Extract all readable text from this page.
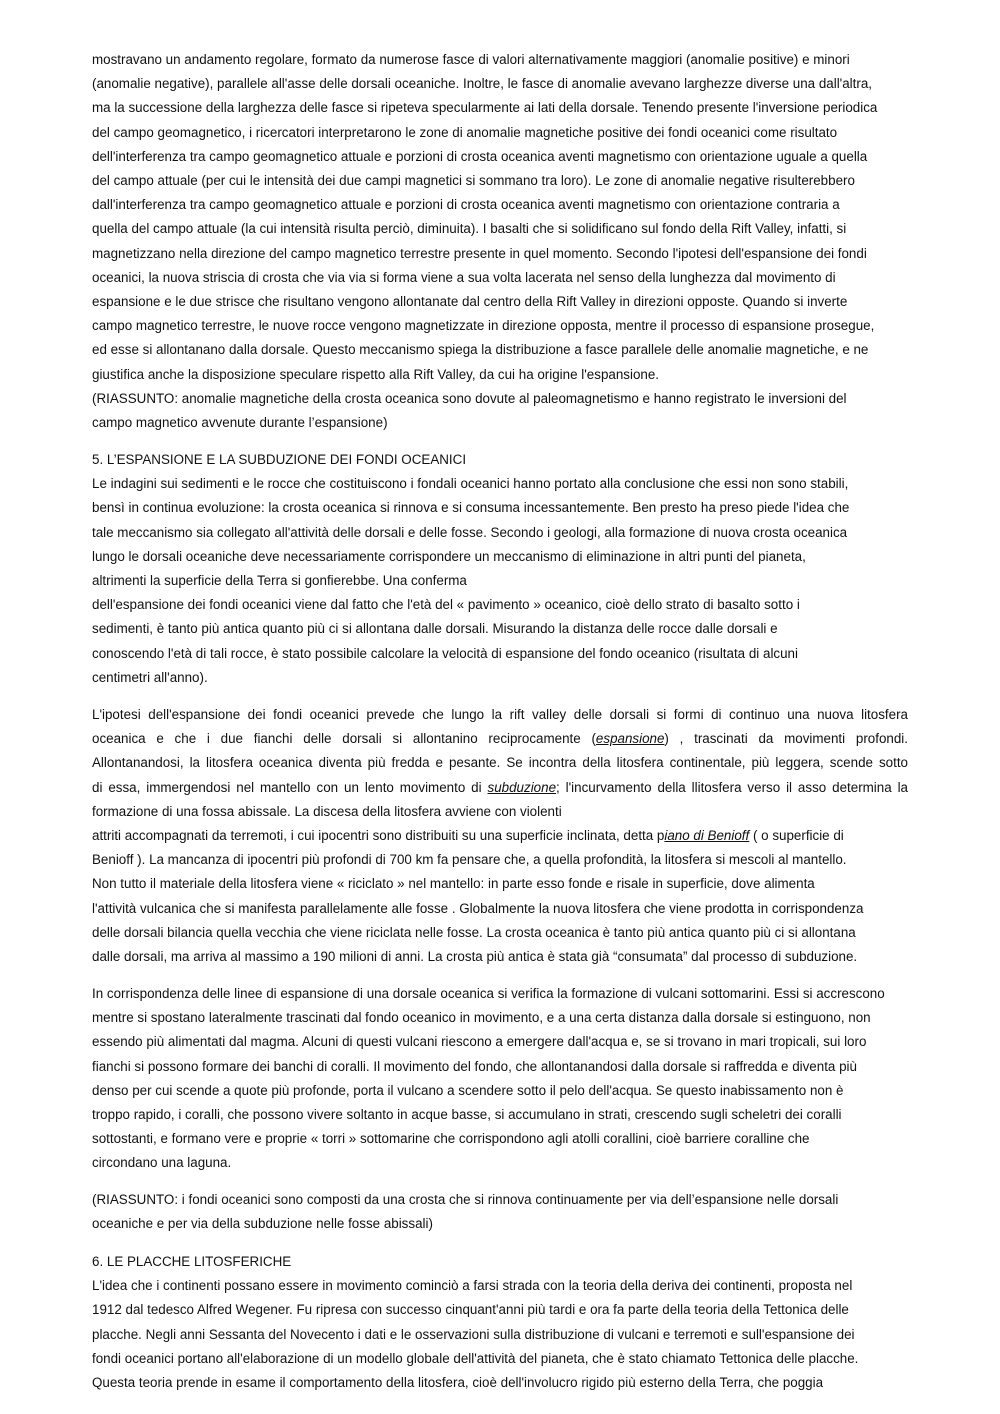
mostravano un andamento regolare, formato da numerose fasce di valori alternativamente maggiori (anomalie positive) e minori
(anomalie negative), parallele all'asse delle dorsali oceaniche. Inoltre, le fasce di anomalie avevano larghezze diverse una dall'altra,
ma la successione della larghezza delle fasce si ripeteva specularmente ai lati della dorsale. Tenendo presente l'inversione periodica
del campo geomagnetico, i ricercatori interpretarono le zone di anomalie magnetiche positive dei fondi oceanici come risultato
dell'interferenza tra campo geomagnetico attuale e porzioni di crosta oceanica aventi magnetismo con orientazione uguale a quella
del campo attuale (per cui le intensità dei due campi magnetici si sommano tra loro). Le zone di anomalie negative risulterebbero
dall'interferenza tra campo geomagnetico attuale e porzioni di crosta oceanica aventi magnetismo con orientazione contraria a
quella del campo attuale (la cui intensità risulta perciò, diminuita). I basalti che si solidificano sul fondo della Rift Valley, infatti, si
magnetizzano nella direzione del campo magnetico terrestre presente in quel momento. Secondo l'ipotesi dell'espansione dei fondi
oceanici, la nuova striscia di crosta che via via si forma viene a sua volta lacerata nel senso della lunghezza dal movimento di
espansione e le due strisce che risultano vengono allontanate dal centro della Rift Valley in direzioni opposte. Quando si inverte
campo magnetico terrestre, le nuove rocce vengono magnetizzate in direzione opposta, mentre il processo di espansione prosegue,
ed esse si allontanano dalla dorsale. Questo meccanismo spiega la distribuzione a fasce parallele delle anomalie magnetiche, e ne
giustifica anche la disposizione speculare rispetto alla Rift Valley, da cui ha origine l'espansione.
(RIASSUNTO: anomalie magnetiche della crosta oceanica sono dovute al paleomagnetismo e hanno registrato le inversioni del
campo magnetico avvenute durante l’espansione)
5. L’ESPANSIONE E LA SUBDUZIONE DEI FONDI OCEANICI
Le indagini sui sedimenti e le rocce che costituiscono i fondali oceanici hanno portato alla conclusione che essi non sono stabili,
bensì in continua evoluzione: la crosta oceanica si rinnova e si consuma incessantemente. Ben presto ha preso piede l'idea che
tale meccanismo sia collegato all'attività delle dorsali e delle fosse. Secondo i geologi, alla formazione di nuova crosta oceanica
lungo le dorsali oceaniche deve necessariamente corrispondere un meccanismo di eliminazione in altri punti del pianeta,
altrimenti la superficie della Terra si gonfierebbe. Una conferma
dell'espansione dei fondi oceanici viene dal fatto che l'età del « pavimento » oceanico, cioè dello strato di basalto sotto i
sedimenti, è tanto più antica quanto più ci si allontana dalle dorsali. Misurando la distanza delle rocce dalle dorsali e
conoscendo l'età di tali rocce, è stato possibile calcolare la velocità di espansione del fondo oceanico (risultata di alcuni
centimetri all'anno).
L'ipotesi dell'espansione dei fondi oceanici prevede che lungo la rift valley delle dorsali si formi di continuo una nuova litosfera
oceanica e che i due fianchi delle dorsali si allontanino reciprocamente (espansione) , trascinati da movimenti profondi.
Allontanandosi, la litosfera oceanica diventa più fredda e pesante. Se incontra della litosfera continentale, più leggera, scende sotto
di essa, immergendosi nel mantello con un lento movimento di subduzione; l'incurvamento della llitosfera verso il asso determina la
formazione di una fossa abissale. La discesa della litosfera avviene con violenti
attriti accompagnati da terremoti, i cui ipocentri sono distribuiti su una superficie inclinata, detta piano di Benioff ( o superficie di
Benioff ). La mancanza di ipocentri più profondi di 700 km fa pensare che, a quella profondità, la litosfera si mescoli al mantello.
Non tutto il materiale della litosfera viene « riciclato » nel mantello: in parte esso fonde e risale in superficie, dove alimenta
l'attività vulcanica che si manifesta parallelamente alle fosse . Globalmente la nuova litosfera che viene prodotta in corrispondenza
delle dorsali bilancia quella vecchia che viene riciclata nelle fosse. La crosta oceanica è tanto più antica quanto più ci si allontana
dalle dorsali, ma arriva al massimo a 190 milioni di anni. La crosta più antica è stata già “consumata” dal processo di subduzione.
In corrispondenza delle linee di espansione di una dorsale oceanica si verifica la formazione di vulcani sottomarini. Essi si accrescono
mentre si spostano lateralmente trascinati dal fondo oceanico in movimento, e a una certa distanza dalla dorsale si estinguono, non
essendo più alimentati dal magma. Alcuni di questi vulcani riescono a emergere dall'acqua e, se si trovano in mari tropicali, sui loro
fianchi si possono formare dei banchi di coralli. Il movimento del fondo, che allontanandosi dalla dorsale si raffredda e diventa più
denso per cui scende a quote più profonde, porta il vulcano a scendere sotto il pelo dell'acqua. Se questo inabissamento non è
troppo rapido, i coralli, che possono vivere soltanto in acque basse, si accumulano in strati, crescendo sugli scheletri dei coralli
sottostanti, e formano vere e proprie « torri » sottomarine che corrispondono agli atolli corallini, cioè barriere coralline che
circondano una laguna.
(RIASSUNTO: i fondi oceanici sono composti da una crosta che si rinnova continuamente per via dell’espansione nelle dorsali
oceaniche e per via della subduzione nelle fosse abissali)
6. LE PLACCHE LITOSFERICHE
L'idea che i continenti possano essere in movimento cominciò a farsi strada con la teoria della deriva dei continenti, proposta nel
1912 dal tedesco Alfred Wegener. Fu ripresa con successo cinquant'anni più tardi e ora fa parte della teoria della Tettonica delle
placche. Negli anni Sessanta del Novecento i dati e le osservazioni sulla distribuzione di vulcani e terremoti e sull'espansione dei
fondi oceanici portano all'elaborazione di un modello globale dell'attività del pianeta, che è stato chiamato Tettonica delle placche.
Questa teoria prende in esame il comportamento della litosfera, cioè dell'involucro rigido più esterno della Terra, che poggia
